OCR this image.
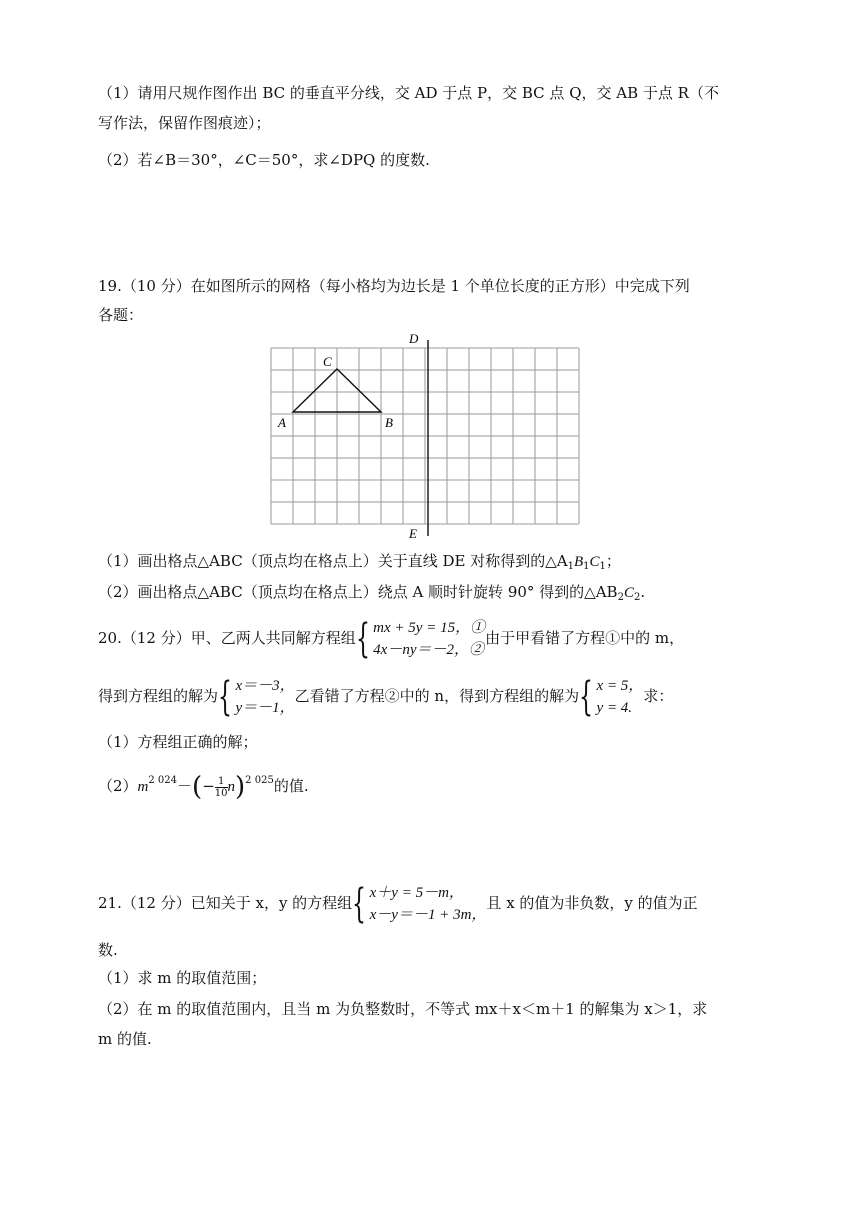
（1）请用尺规作图作出 BC 的垂直平分线，交 AD 于点 P，交 BC 点 Q，交 AB 于点 R（不
写作法，保留作图痕迹）；
（2）若∠B＝30°，∠C＝50°，求∠DPQ 的度数.
19.（10 分）在如图所示的网格（每小格均为边长是 1 个单位长度的正方形）中完成下列
各题：
C
A	B
D
E
（1）画出格点△ABC（顶点均在格点上）关于直线 DE 对称得到的$\triangle A_1B_1C_1$；
（2）画出格点△ABC（顶点均在格点上）绕点 A 顺时针旋转 90° 得到的$\triangle AB_2C_2$.
20.（12 分）甲、乙两人共同解方程组{ mx + 5y = 15，①
4x－ny＝－2，②
由于甲看错了方程①中的 m，
得到方程组的解为{ x＝－3，
y＝－1，
乙看错了方程②中的 n，得到方程组的解为{ x = 5，
y = 4.
求：
（1）方程组正确的解；
$(2)m^{2 024}-(- \frac{1}{10} n)^{2 025}$的值.
21.（12 分）已知关于 x，y 的方程组{ x＋y = 5－m，
x－y＝－1 + 3m，
且 x 的值为非负数，y 的值为正
数.
（1）求 m 的取值范围；
（2）在 m 的取值范围内，且当 m 为负整数时，不等式 mx＋x＜m＋1 的解集为 x＞1，求
m 的值.
